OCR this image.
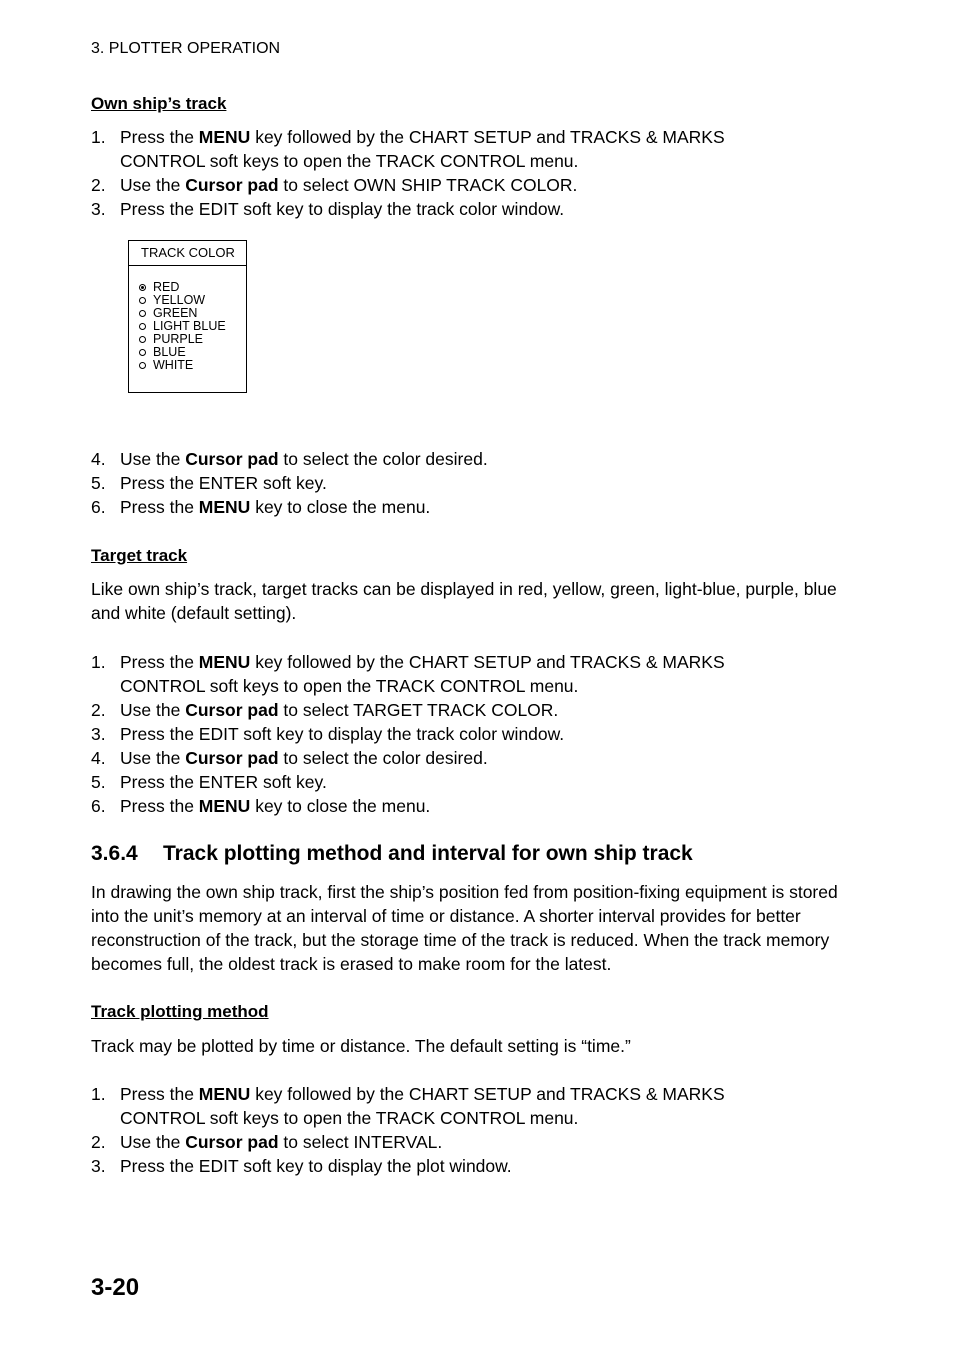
3. PLOTTER OPERATION
Own ship’s track
1. Press the MENU key followed by the CHART SETUP and TRACKS & MARKS
CONTROL soft keys to open the TRACK CONTROL menu.
2. Use the Cursor pad to select OWN SHIP TRACK COLOR.
3. Press the EDIT soft key to display the track color window.
TRACK COLOR
RED
YELLOW
GREEN
LIGHT BLUE
PURPLE
BLUE
WHITE
4. Use the Cursor pad to select the color desired.
5. Press the ENTER soft key.
6. Press the MENU key to close the menu.
Target track
Like own ship’s track, target tracks can be displayed in red, yellow, green, light-blue, purple, blue and white (default setting).
1. Press the MENU key followed by the CHART SETUP and TRACKS & MARKS
CONTROL soft keys to open the TRACK CONTROL menu.
2. Use the Cursor pad to select TARGET TRACK COLOR.
3. Press the EDIT soft key to display the track color window.
4. Use the Cursor pad to select the color desired.
5. Press the ENTER soft key.
6. Press the MENU key to close the menu.
3.6.4 Track plotting method and interval for own ship track
In drawing the own ship track, first the ship’s position fed from position-fixing equipment is stored into the unit’s memory at an interval of time or distance. A shorter interval provides for better reconstruction of the track, but the storage time of the track is reduced. When the track memory becomes full, the oldest track is erased to make room for the latest.
Track plotting method
Track may be plotted by time or distance. The default setting is “time.”
1. Press the MENU key followed by the CHART SETUP and TRACKS & MARKS
CONTROL soft keys to open the TRACK CONTROL menu.
2. Use the Cursor pad to select INTERVAL.
3. Press the EDIT soft key to display the plot window.
3-20
